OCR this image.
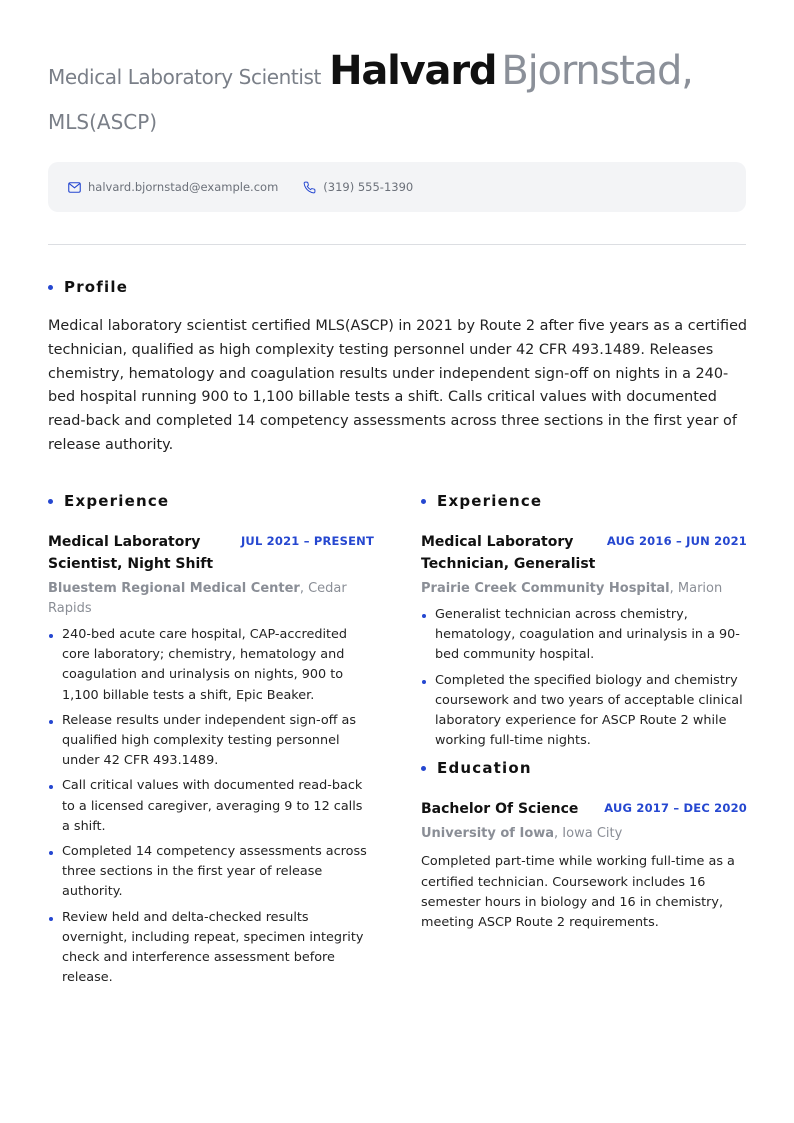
Medical Laboratory Scientist Halvard Bjornstad,
MLS(ASCP)
halvard.bjornstad@example.com	(319) 555-1390
Profile
Medical laboratory scientist certified MLS(ASCP) in 2021 by Route 2 after five years as a certified technician, qualified as high complexity testing personnel under 42 CFR 493.1489. Releases chemistry, hematology and coagulation results under independent sign-off on nights in a 240-bed hospital running 900 to 1,100 billable tests a shift. Calls critical values with documented read-back and completed 14 competency assessments across three sections in the first year of release authority.
Experience
Medical Laboratory Scientist, Night Shift
JUL 2021 – PRESENT
Bluestem Regional Medical Center, Cedar Rapids
240-bed acute care hospital, CAP-accredited core laboratory; chemistry, hematology and coagulation and urinalysis on nights, 900 to 1,100 billable tests a shift, Epic Beaker.
Release results under independent sign-off as qualified high complexity testing personnel under 42 CFR 493.1489.
Call critical values with documented read-back to a licensed caregiver, averaging 9 to 12 calls a shift.
Completed 14 competency assessments across three sections in the first year of release authority.
Review held and delta-checked results overnight, including repeat, specimen integrity check and interference assessment before release.
Experience
Medical Laboratory Technician, Generalist
AUG 2016 – JUN 2021
Prairie Creek Community Hospital, Marion
Generalist technician across chemistry, hematology, coagulation and urinalysis in a 90-bed community hospital.
Completed the specified biology and chemistry coursework and two years of acceptable clinical laboratory experience for ASCP Route 2 while working full-time nights.
Education
Bachelor Of Science	AUG 2017 – DEC 2020
University of Iowa, Iowa City
Completed part-time while working full-time as a certified technician. Coursework includes 16 semester hours in biology and 16 in chemistry, meeting ASCP Route 2 requirements.
